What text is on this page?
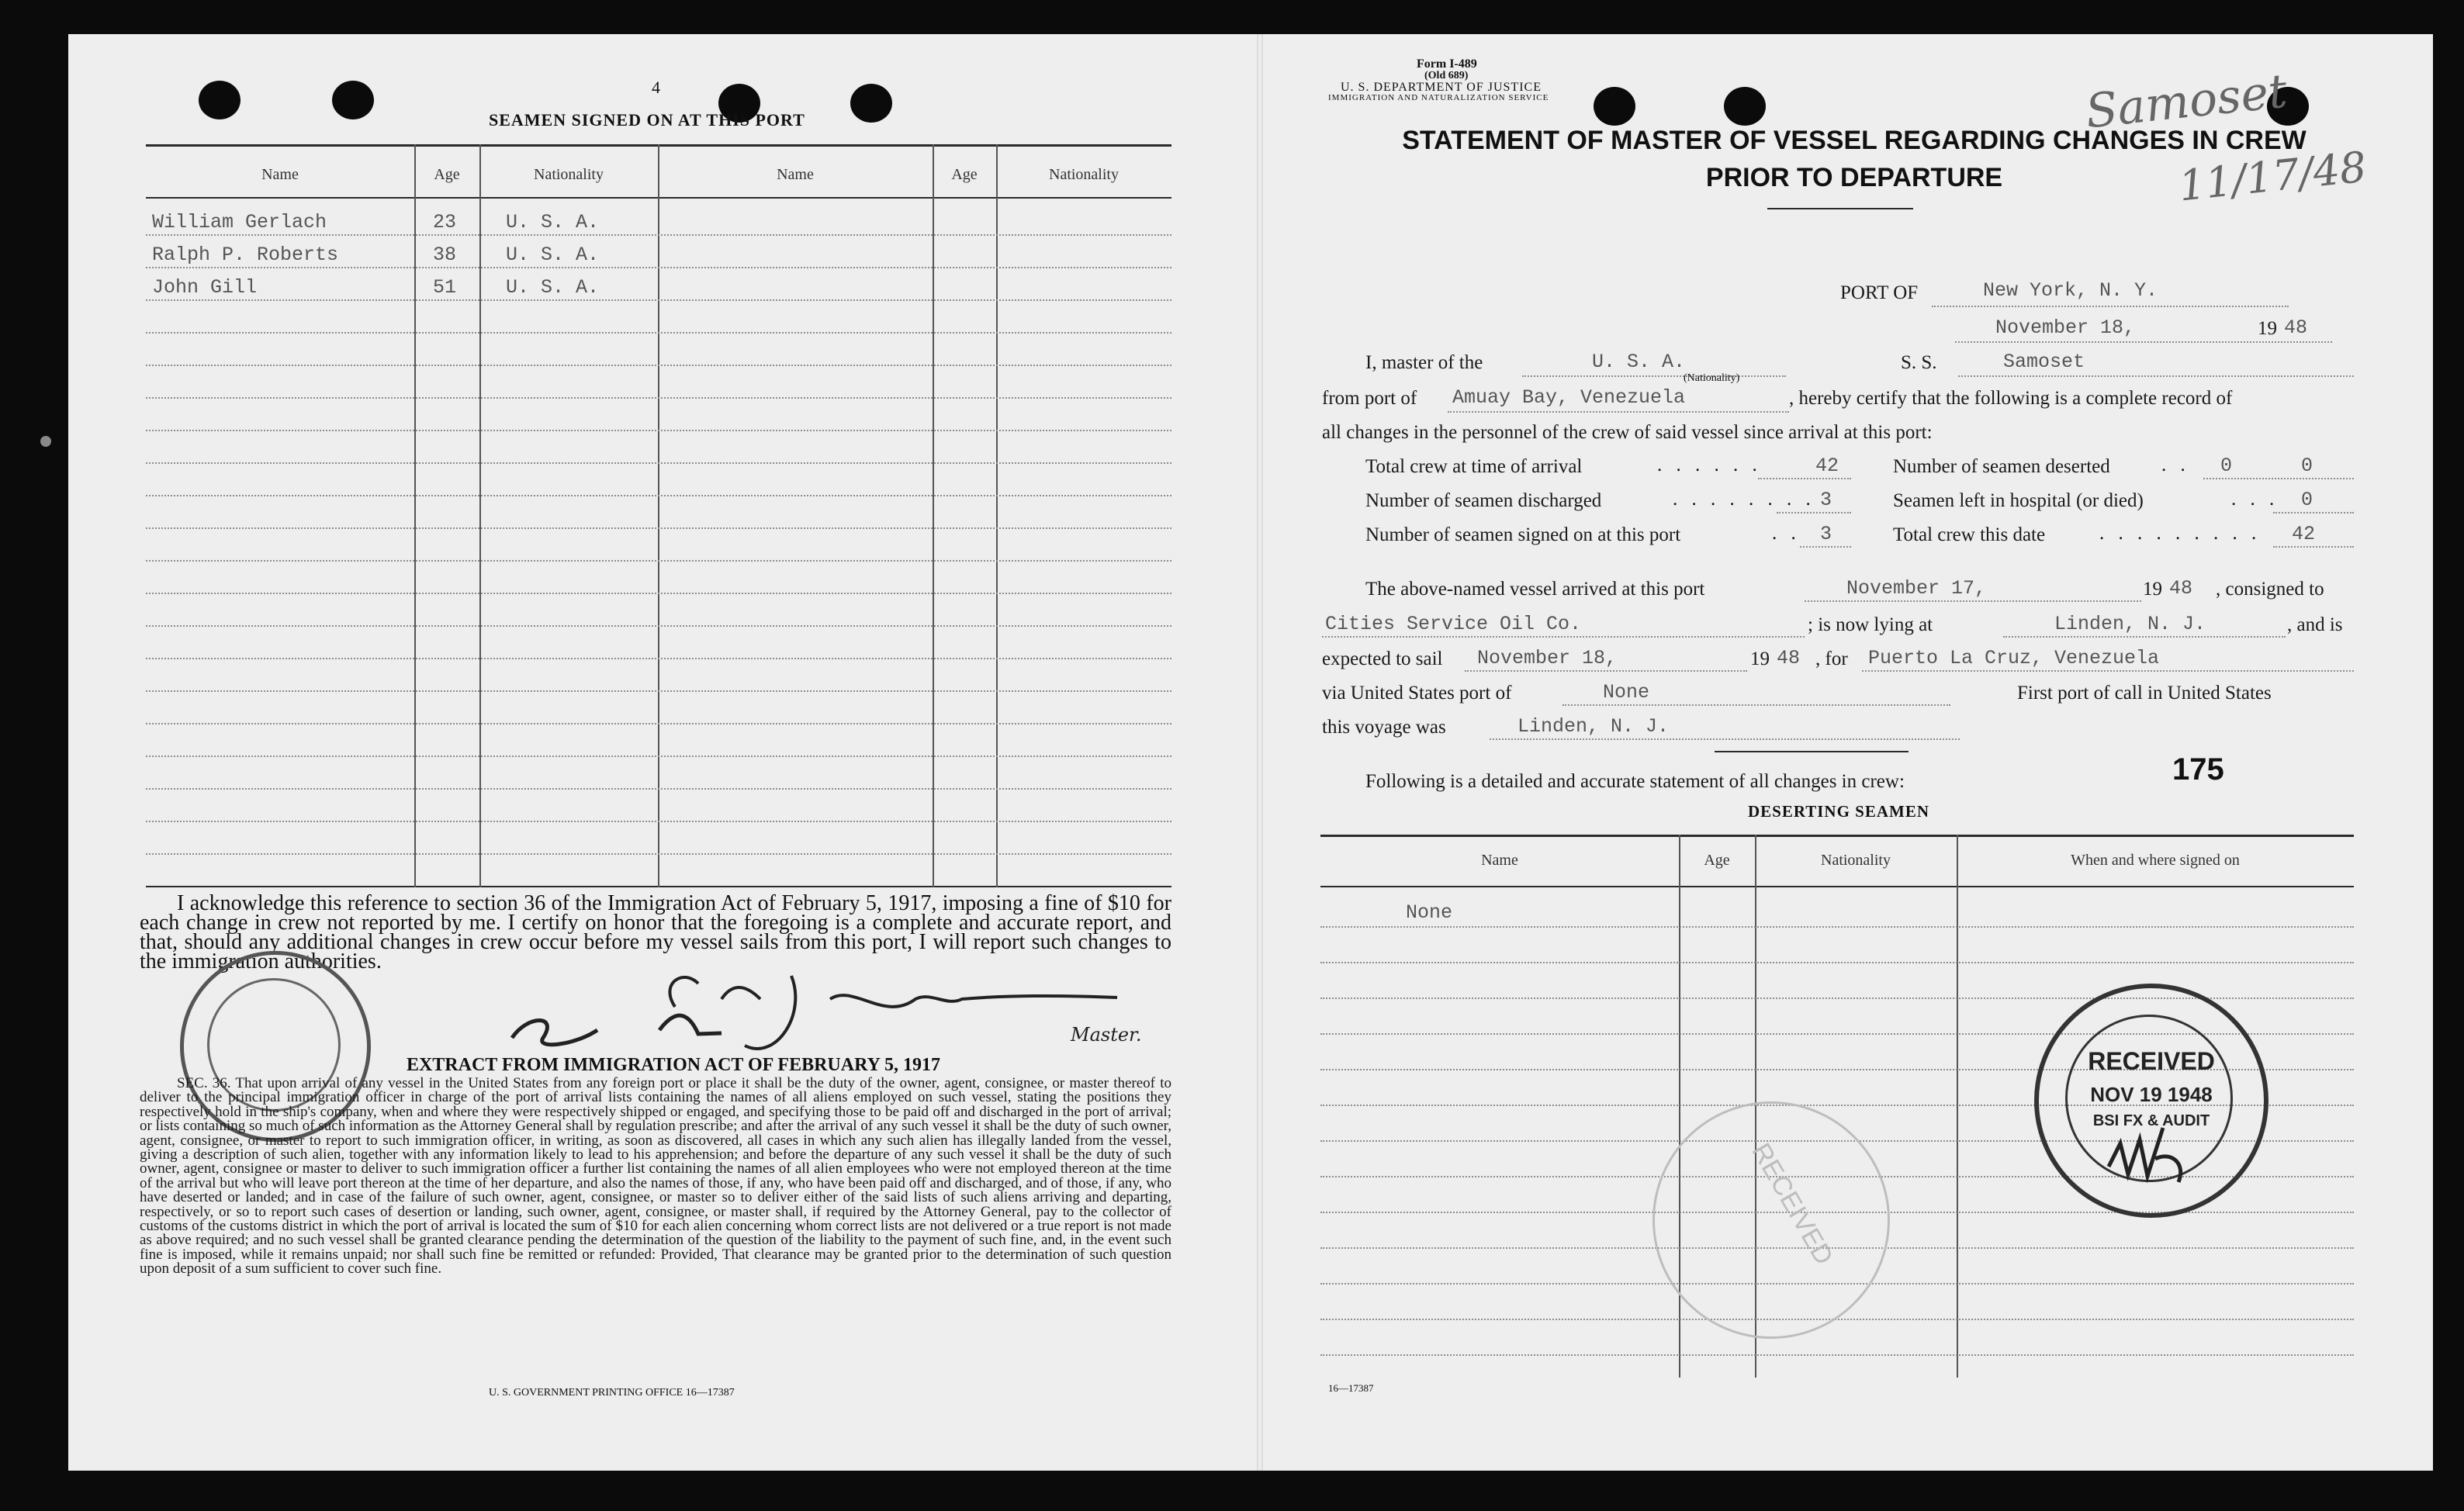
4
SEAMEN SIGNED ON AT THIS PORT
Name	Age	Nationality	Name	Age	Nationality
William Gerlach	23	U. S. A.
Ralph P. Roberts	38	U. S. A.
John Gill	51	U. S. A.
I acknowledge this reference to section 36 of the Immigration Act of February 5, 1917, imposing a fine of $10 for each change in crew not reported by me. I certify on honor that the foregoing is a complete and accurate report, and that, should any additional changes in crew occur before my vessel sails from this port, I will report such changes to the immigration authorities.
Master.
EXTRACT FROM IMMIGRATION ACT OF FEBRUARY 5, 1917
SEC. 36. That upon arrival of any vessel in the United States from any foreign port or place it shall be the duty of the owner, agent, consignee, or master thereof to deliver to the principal immigration officer in charge of the port of arrival lists containing the names of all aliens employed on such vessel, stating the positions they respectively hold in the ship's company, when and where they were respectively shipped or engaged, and specifying those to be paid off and discharged in the port of arrival; or lists containing so much of such information as the Attorney General shall by regulation prescribe; and after the arrival of any such vessel it shall be the duty of such owner, agent, consignee, or master to report to such immigration officer, in writing, as soon as discovered, all cases in which any such alien has illegally landed from the vessel, giving a description of such alien, together with any information likely to lead to his apprehension; and before the departure of any such vessel it shall be the duty of such owner, agent, consignee or master to deliver to such immigration officer a further list containing the names of all alien employees who were not employed thereon at the time of the arrival but who will leave port thereon at the time of her departure, and also the names of those, if any, who have been paid off and discharged, and of those, if any, who have deserted or landed; and in case of the failure of such owner, agent, consignee, or master so to deliver either of the said lists of such aliens arriving and departing, respectively, or so to report such cases of desertion or landing, such owner, agent, consignee, or master shall, if required by the Attorney General, pay to the collector of customs of the customs district in which the port of arrival is located the sum of $10 for each alien concerning whom correct lists are not delivered or a true report is not made as above required; and no such vessel shall be granted clearance pending the determination of the question of the liability to the payment of such fine, and, in the event such fine is imposed, while it remains unpaid; nor shall such fine be remitted or refunded: Provided, That clearance may be granted prior to the determination of such question upon deposit of a sum sufficient to cover such fine.
U. S. GOVERNMENT PRINTING OFFICE 16—17387
Form I-489
(Old 689)
U. S. DEPARTMENT OF JUSTICE
IMMIGRATION AND NATURALIZATION SERVICE
STATEMENT OF MASTER OF VESSEL REGARDING CHANGES IN CREW
PRIOR TO DEPARTURE
Samoset
11/17/48
PORT OF	New York, N. Y.
November 18,	19 48
I, master of the	U. S. A.	S. S.	Samoset
(Nationality)
from port of Amuay Bay, Venezuela	, hereby certify that the following is a complete record of
all changes in the personnel of the crew of said vessel since arrival at this port:
Total crew at time of arrival	. . . . . .	42	Number of seamen deserted	. . 0	0
Number of seamen discharged	. . . . . . . . 3	Seamen left in hospital (or died)	. . . 0
Number of seamen signed on at this port	. . 3	Total crew this date	. . . . . . . . . 42
The above-named vessel arrived at this port	November 17,	19 48 , consigned to
Cities Service Oil Co.	; is now lying at	Linden, N. J.	, and is
expected to sail November 18,	19 48 , for Puerto La Cruz, Venezuela
via United States port of	None	First port of call in United States
this voyage was	Linden, N. J.
Following is a detailed and accurate statement of all changes in crew:	175
DESERTING SEAMEN
Name	Age	Nationality	When and where signed on
None
RECEIVED
RECEIVED
NOV 19 1948
BSI FX & AUDIT
16—17387
